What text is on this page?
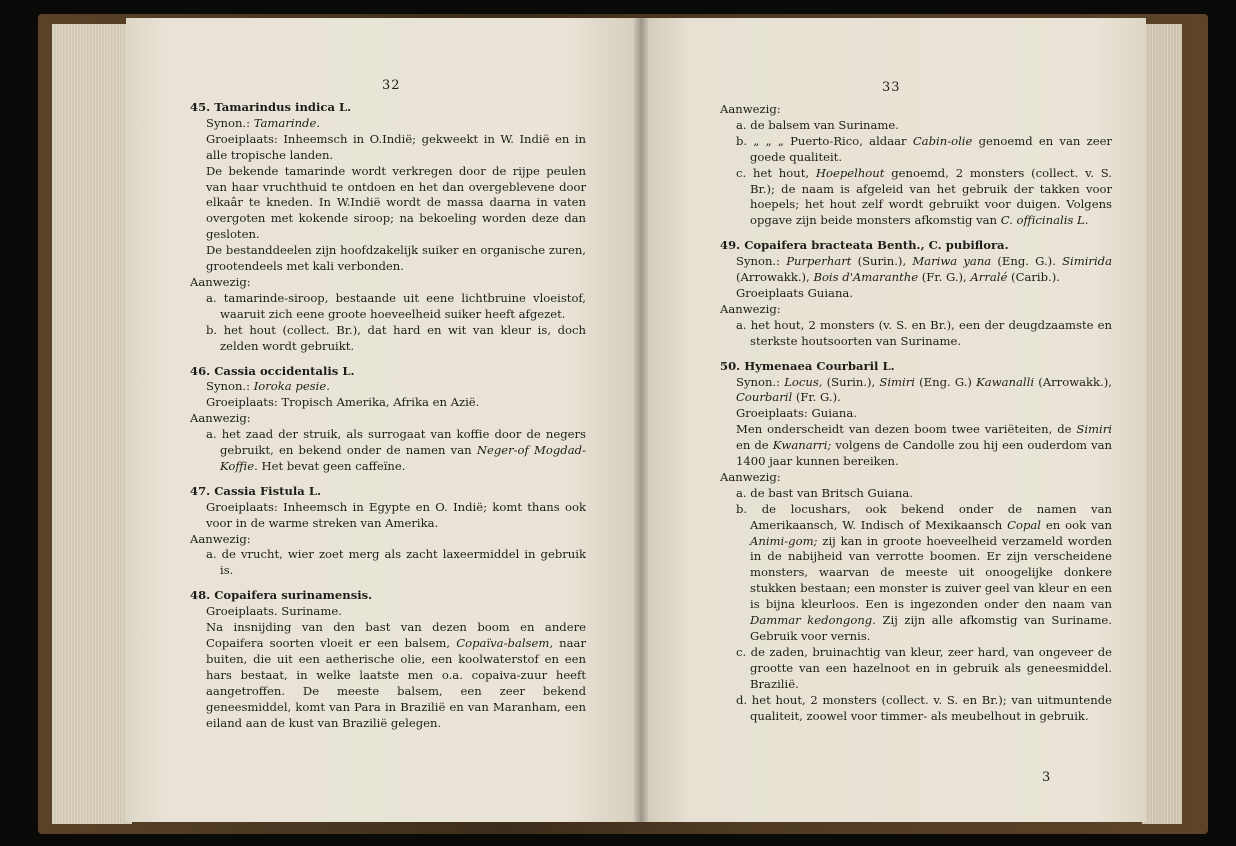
32	33

45. Tamarindus indica L.

Synon.: Tamarinde.

Groeiplaats: Inheemsch in O.Indië; gekweekt in W. Indië en in alle tropische landen.

De bekende tamarinde wordt verkregen door de rijpe peulen van haar vruchthuid te ontdoen en het dan overgeblevene door elkaâr te kneden. In W.Indië wordt de massa daarna in vaten overgoten met kokende siroop; na bekoeling worden deze dan gesloten.

De bestanddeelen zijn hoofdzakelijk suiker en organische zuren, grootendeels met kali verbonden.

Aanwezig:

a. tamarinde-siroop, bestaande uit eene lichtbruine vloeistof, waaruit zich eene groote hoeveelheid suiker heeft afgezet.

b. het hout (collect. Br.), dat hard en wit van kleur is, doch zelden wordt gebruikt.

46. Cassia occidentalis L.

Synon.: Ioroka pesie.

Groeiplaats: Tropisch Amerika, Afrika en Azië.

Aanwezig:

a. het zaad der struik, als surrogaat van koffie door de negers gebruikt, en bekend onder de namen van Neger-of Mogdad-Koffie. Het bevat geen caffeïne.

47. Cassia Fistula L.

Groeiplaats: Inheemsch in Egypte en O. Indië; komt thans ook voor in de warme streken van Amerika.

Aanwezig:

a. de vrucht, wier zoet merg als zacht laxeermiddel in gebruik is.

48. Copaifera surinamensis.

Groeiplaats. Suriname.

Na insnijding van den bast van dezen boom en andere Copaifera soorten vloeit er een balsem, Copaïva-balsem, naar buiten, die uit een aetherische olie, een koolwaterstof en een hars bestaat, in welke laatste men o.a. copaiva-zuur heeft aangetroffen. De meeste balsem, een zeer bekend geneesmiddel, komt van Para in Brazilië en van Maranham, een eiland aan de kust van Brazilië gelegen.

Aanwezig:

a. de balsem van Suriname.

b. „ „ „ Puerto-Rico, aldaar Cabin-olie genoemd en van zeer goede qualiteit.

c. het hout, Hoepelhout genoemd, 2 monsters (collect. v. S. Br.); de naam is afgeleid van het gebruik der takken voor hoepels; het hout zelf wordt gebruikt voor duigen. Volgens opgave zijn beide monsters afkomstig van C. officinalis L.

49. Copaifera bracteata Benth., C. pubiflora.

Synon.: Purperhart (Surin.), Mariwa yana (Eng. G.). Simirida (Arrowakk.), Bois d'Amaranthe (Fr. G.), Arralé (Carib.).

Groeiplaats Guiana.

Aanwezig:

a. het hout, 2 monsters (v. S. en Br.), een der deugdzaamste en sterkste houtsoorten van Suriname.

50. Hymenaea Courbaril L.

Synon.: Locus, (Surin.), Simiri (Eng. G.) Kawanalli (Arrowakk.), Courbaril (Fr. G.).

Groeiplaats: Guiana.

Men onderscheidt van dezen boom twee variëteiten, de Simiri en de Kwanarri; volgens de Candolle zou hij een ouderdom van 1400 jaar kunnen bereiken.

Aanwezig:

a. de bast van Britsch Guiana.

b. de locushars, ook bekend onder de namen van Amerikaansch, W. Indisch of Mexikaansch Copal en ook van Animi-gom; zij kan in groote hoeveelheid verzameld worden in de nabijheid van verrotte boomen. Er zijn verscheidene monsters, waarvan de meeste uit onoogelijke donkere stukken bestaan; een monster is zuiver geel van kleur en een is bijna kleurloos. Een is ingezonden onder den naam van Dammar kedongong. Zij zijn alle afkomstig van Suriname. Gebruik voor vernis.

c. de zaden, bruinachtig van kleur, zeer hard, van ongeveer de grootte van een hazelnoot en in gebruik als geneesmiddel. Brazilië.

d. het hout, 2 monsters (collect. v. S. en Br.); van uitmuntende qualiteit, zoowel voor timmer- als meubelhout in gebruik.

3
